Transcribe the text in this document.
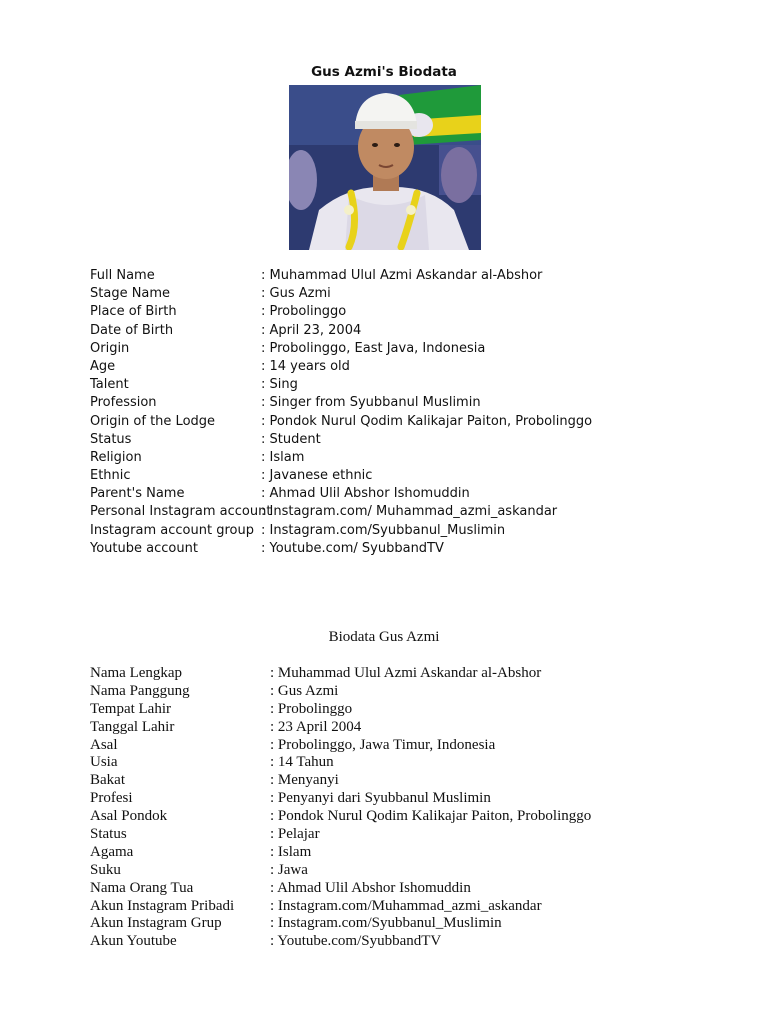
Gus Azmi's Biodata
Full Name	: Muhammad Ulul Azmi Askandar al-Abshor
Stage Name	: Gus Azmi
Place of Birth	: Probolinggo
Date of Birth	: April 23, 2004
Origin	: Probolinggo, East Java, Indonesia
Age	: 14 years old
Talent	: Sing
Profession	: Singer from Syubbanul Muslimin
Origin of the Lodge	: Pondok Nurul Qodim Kalikajar Paiton, Probolinggo
Status	: Student
Religion	: Islam
Ethnic	: Javanese ethnic
Parent's Name	: Ahmad Ulil Abshor Ishomuddin
Personal Instagram account
: Instagram.com/ Muhammad_azmi_askandar
Instagram account group : Instagram.com/Syubbanul_Muslimin
Youtube account	: Youtube.com/ SyubbandTV
Biodata Gus Azmi
Nama Lengkap	: Muhammad Ulul Azmi Askandar al-Abshor
Nama Panggung	: Gus Azmi
Tempat Lahir	: Probolinggo
Tanggal Lahir	: 23 April 2004
Asal	: Probolinggo, Jawa Timur, Indonesia
Usia	: 14 Tahun
Bakat	: Menyanyi
Profesi	: Penyanyi dari Syubbanul Muslimin
Asal Pondok	: Pondok Nurul Qodim Kalikajar Paiton, Probolinggo
Status	: Pelajar
Agama	: Islam
Suku	: Jawa
Nama Orang Tua	: Ahmad Ulil Abshor Ishomuddin
Akun Instagram Pribadi : Instagram.com/Muhammad_azmi_askandar
Akun Instagram Grup	: Instagram.com/Syubbanul_Muslimin
Akun Youtube	: Youtube.com/SyubbandTV
